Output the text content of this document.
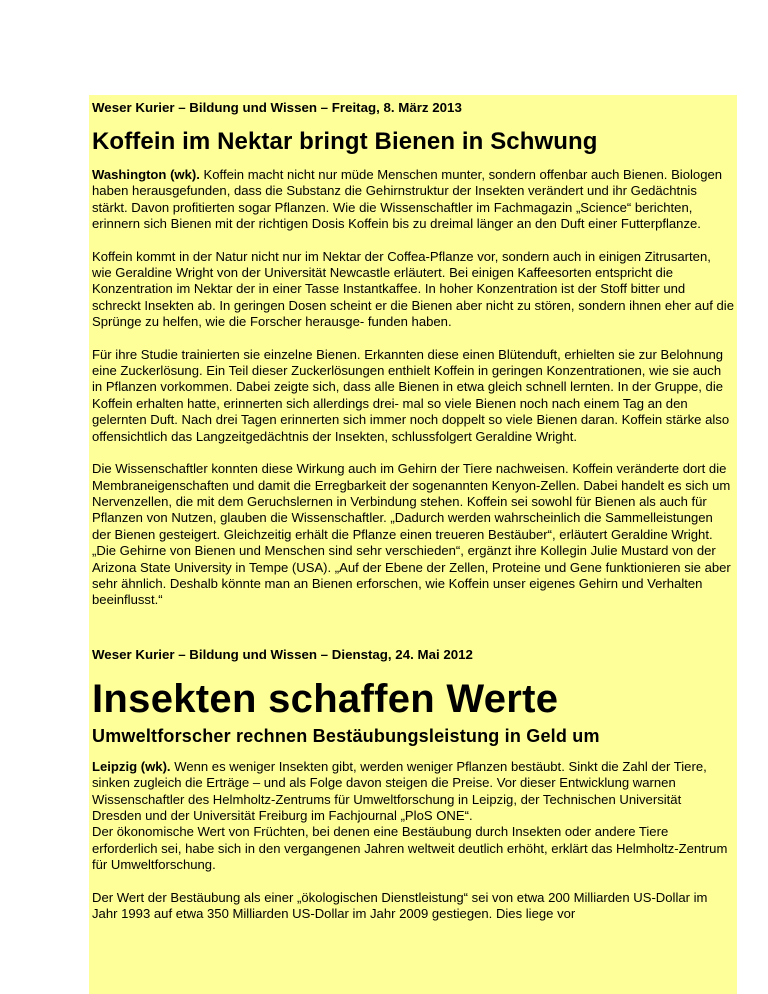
Weser Kurier – Bildung und Wissen – Freitag, 8. März 2013

Koffein im Nektar bringt Bienen in Schwung

Washington (wk). Koffein macht nicht nur müde Menschen munter, sondern offenbar auch Bienen. Biologen haben herausgefunden, dass die Substanz die Gehirnstruktur der Insekten verändert und ihr Gedächtnis stärkt. Davon profitierten sogar Pflanzen. Wie die Wissenschaftler im Fachmagazin „Science“ berichten, erinnern sich Bienen mit der richtigen Dosis Koffein bis zu dreimal länger an den Duft einer Futterpflanze.

Koffein kommt in der Natur nicht nur im Nektar der Coffea-Pflanze vor, sondern auch in einigen Zitrusarten, wie Geraldine Wright von der Universität Newcastle erläutert. Bei einigen Kaffeesorten entspricht die Konzentration im Nektar der in einer Tasse Instantkaffee. In hoher Konzentration ist der Stoff bitter und schreckt Insekten ab. In geringen Dosen scheint er die Bienen aber nicht zu stören, sondern ihnen eher auf die Sprünge zu helfen, wie die Forscher herausge- funden haben.

Für ihre Studie trainierten sie einzelne Bienen. Erkannten diese einen Blütenduft, erhielten sie zur Belohnung eine Zuckerlösung. Ein Teil dieser Zuckerlösungen enthielt Koffein in geringen Konzentrationen, wie sie auch in Pflanzen vorkommen. Dabei zeigte sich, dass alle Bienen in etwa gleich schnell lernten. In der Gruppe, die Koffein erhalten hatte, erinnerten sich allerdings drei- mal so viele Bienen noch nach einem Tag an den gelernten Duft. Nach drei Tagen erinnerten sich immer noch doppelt so viele Bienen daran. Koffein stärke also offensichtlich das Langzeitgedächtnis der Insekten, schlussfolgert Geraldine Wright.

Die Wissenschaftler konnten diese Wirkung auch im Gehirn der Tiere nachweisen. Koffein veränderte dort die Membraneigenschaften und damit die Erregbarkeit der sogenannten Kenyon-Zellen. Dabei handelt es sich um Nervenzellen, die mit dem Geruchslernen in Verbindung stehen. Koffein sei sowohl für Bienen als auch für Pflanzen von Nutzen, glauben die Wissenschaftler. „Dadurch werden wahrscheinlich die Sammelleistungen der Bienen gesteigert. Gleichzeitig erhält die Pflanze einen treueren Bestäuber“, erläutert Geraldine Wright. „Die Gehirne von Bienen und Menschen sind sehr verschieden“, ergänzt ihre Kollegin Julie Mustard von der Arizona State University in Tempe (USA). „Auf der Ebene der Zellen, Proteine und Gene funktionieren sie aber sehr ähnlich. Deshalb könnte man an Bienen erforschen, wie Koffein unser eigenes Gehirn und Verhalten beeinflusst.“

Weser Kurier – Bildung und Wissen – Dienstag, 24. Mai 2012

Insekten schaffen Werte
Umweltforscher rechnen Bestäubungsleistung in Geld um

Leipzig (wk). Wenn es weniger Insekten gibt, werden weniger Pflanzen bestäubt. Sinkt die Zahl der Tiere, sinken zugleich die Erträge – und als Folge davon steigen die Preise. Vor dieser Entwicklung warnen Wissenschaftler des Helmholtz-Zentrums für Umweltforschung in Leipzig, der Technischen Universität Dresden und der Universität Freiburg im Fachjournal „PloS ONE“.
Der ökonomische Wert von Früchten, bei denen eine Bestäubung durch Insekten oder andere Tiere erforderlich sei, habe sich in den vergangenen Jahren weltweit deutlich erhöht, erklärt das Helmholtz-Zentrum für Umweltforschung.

Der Wert der Bestäubung als einer „ökologischen Dienstleistung“ sei von etwa 200 Milliarden US-Dollar im Jahr 1993 auf etwa 350 Milliarden US-Dollar im Jahr 2009 gestiegen. Dies liege vor
